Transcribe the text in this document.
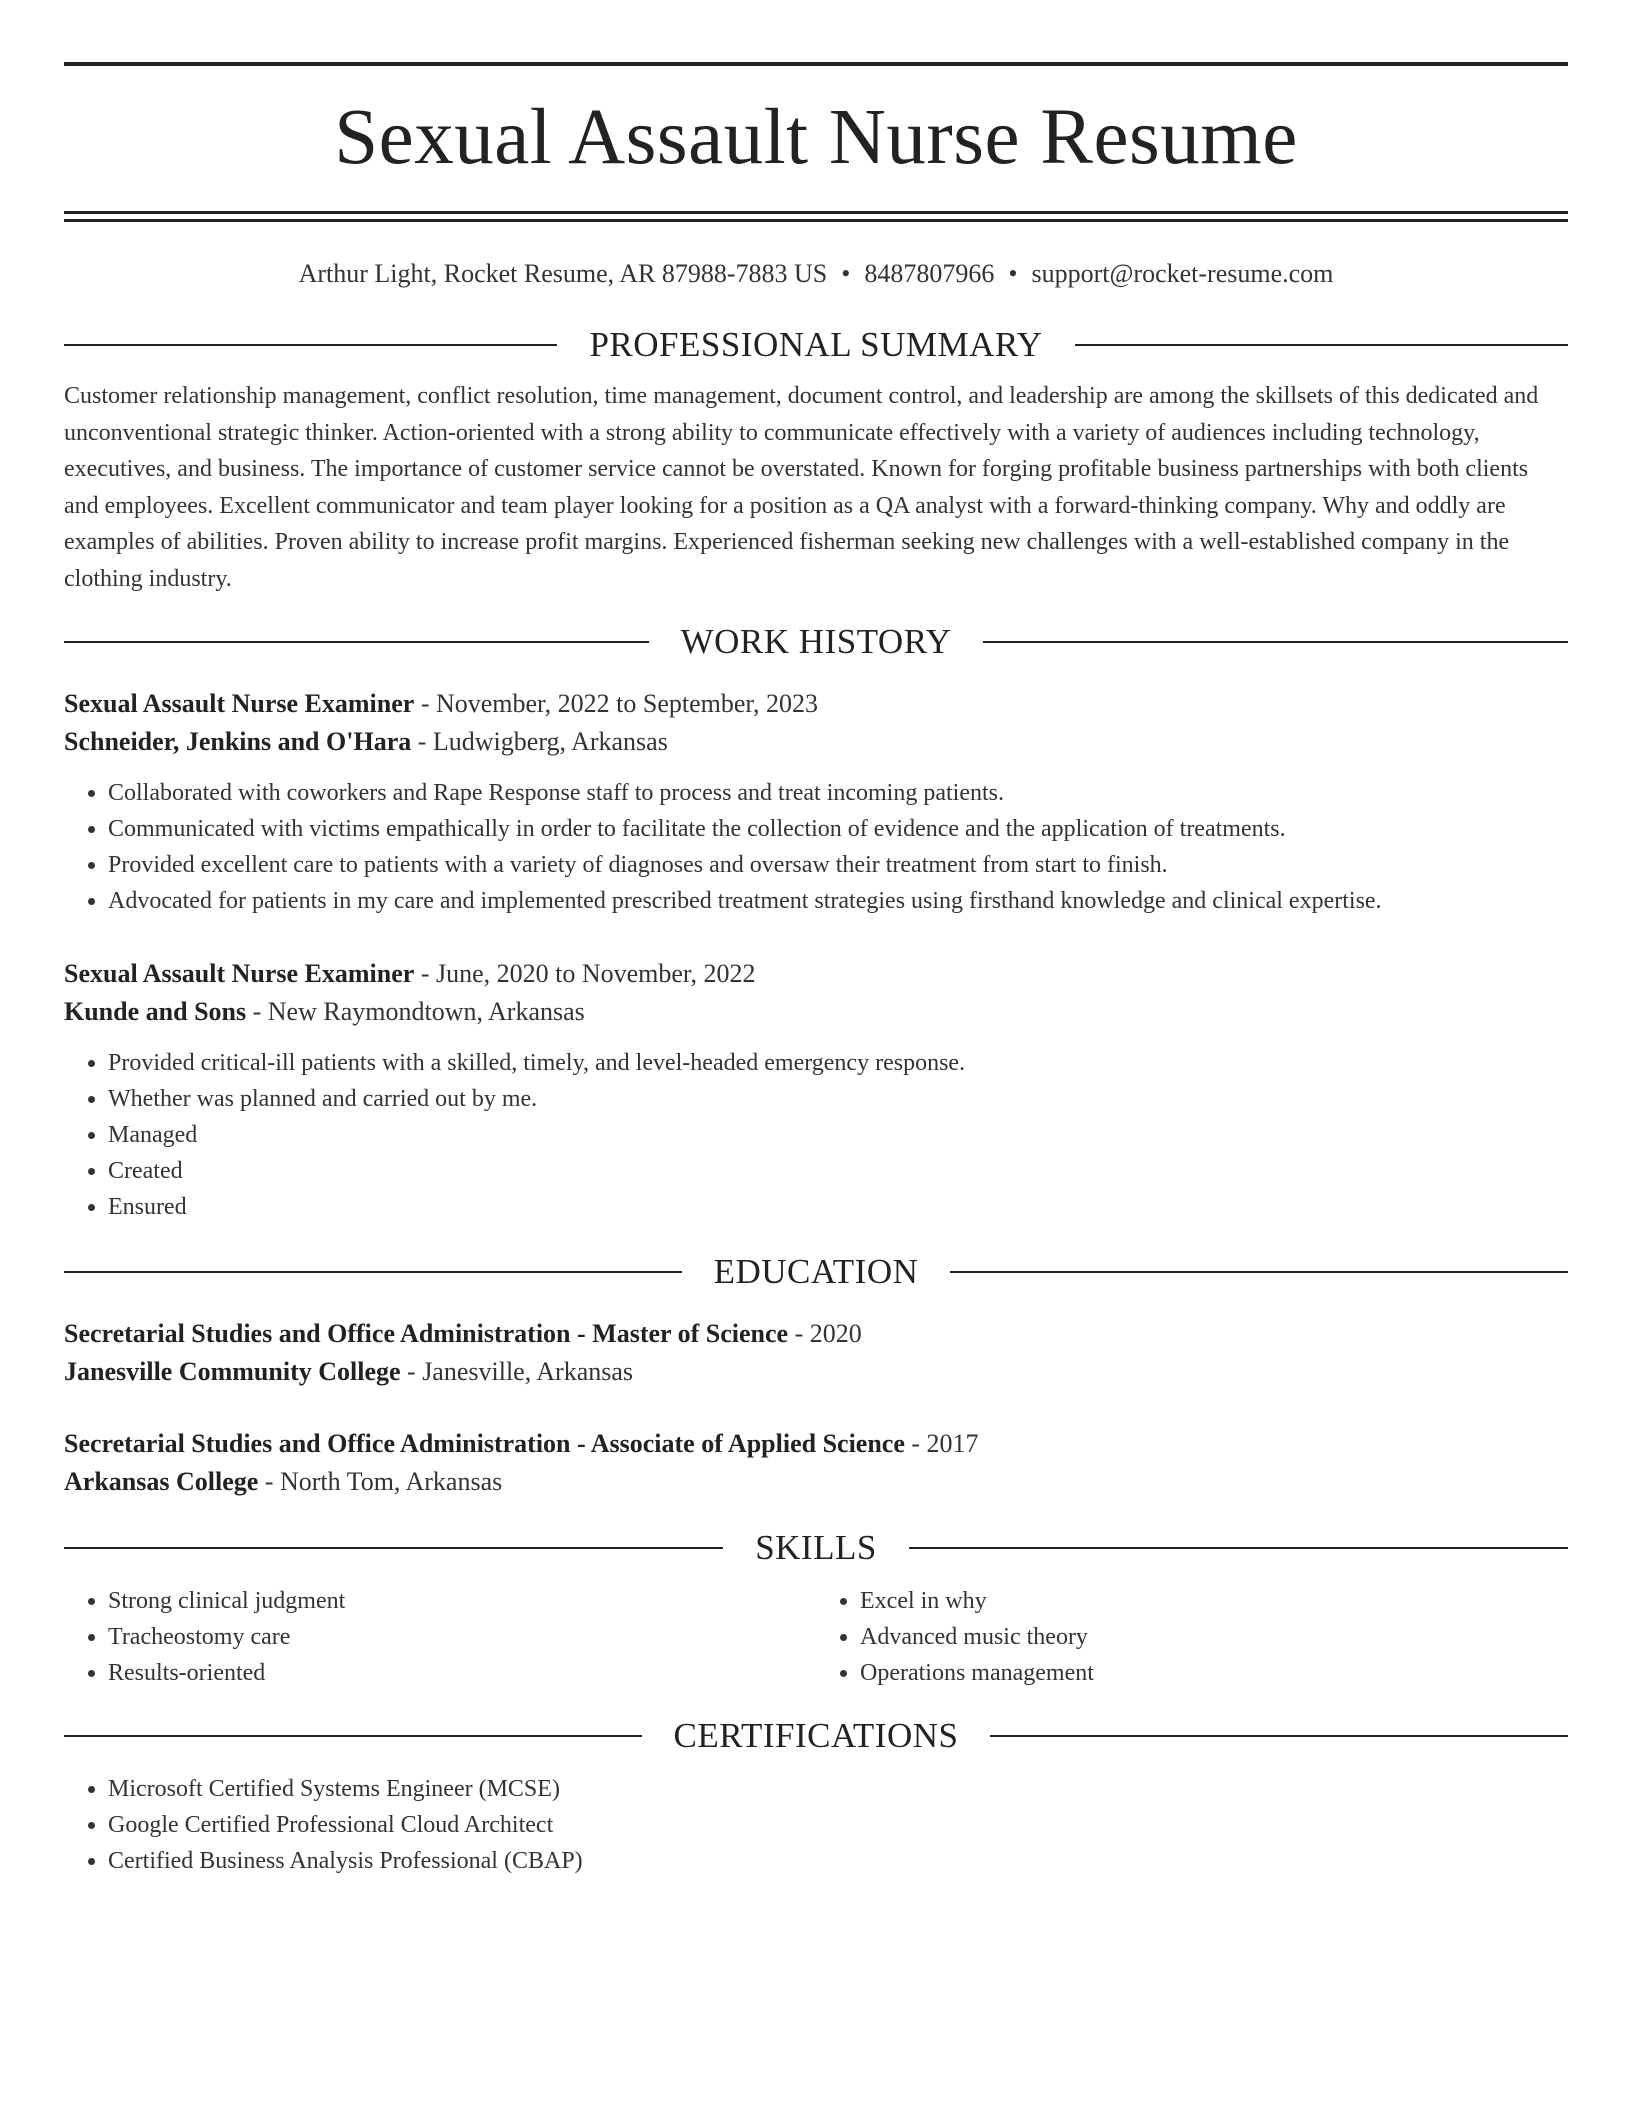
Sexual Assault Nurse Resume
Arthur Light, Rocket Resume, AR 87988-7883 US • 8487807966 • support@rocket-resume.com
PROFESSIONAL SUMMARY

Customer relationship management, conflict resolution, time management, document control, and leadership are among the skillsets of this dedicated and unconventional strategic thinker. Action-oriented with a strong ability to communicate effectively with a variety of audiences including technology, executives, and business. The importance of customer service cannot be overstated. Known for forging profitable business partnerships with both clients and employees. Excellent communicator and team player looking for a position as a QA analyst with a forward-thinking company. Why and oddly are examples of abilities. Proven ability to increase profit margins. Experienced fisherman seeking new challenges with a well-established company in the clothing industry.

WORK HISTORY
Sexual Assault Nurse Examiner - November, 2022 to September, 2023
Schneider, Jenkins and O'Hara - Ludwigberg, Arkansas
• Collaborated with coworkers and Rape Response staff to process and treat incoming patients.
• Communicated with victims empathically in order to facilitate the collection of evidence and the application of treatments.
• Provided excellent care to patients with a variety of diagnoses and oversaw their treatment from start to finish.
• Advocated for patients in my care and implemented prescribed treatment strategies using firsthand knowledge and clinical expertise.
Sexual Assault Nurse Examiner - June, 2020 to November, 2022
Kunde and Sons - New Raymondtown, Arkansas
• Provided critical-ill patients with a skilled, timely, and level-headed emergency response.
• Whether was planned and carried out by me.
• Managed
• Created
• Ensured
EDUCATION
Secretarial Studies and Office Administration - Master of Science - 2020
Janesville Community College - Janesville, Arkansas
Secretarial Studies and Office Administration - Associate of Applied Science - 2017
Arkansas College - North Tom, Arkansas
SKILLS
• Strong clinical judgment
• Tracheostomy care
• Results-oriented
• Excel in why
• Advanced music theory
• Operations management
CERTIFICATIONS
• Microsoft Certified Systems Engineer (MCSE)
• Google Certified Professional Cloud Architect
• Certified Business Analysis Professional (CBAP)
